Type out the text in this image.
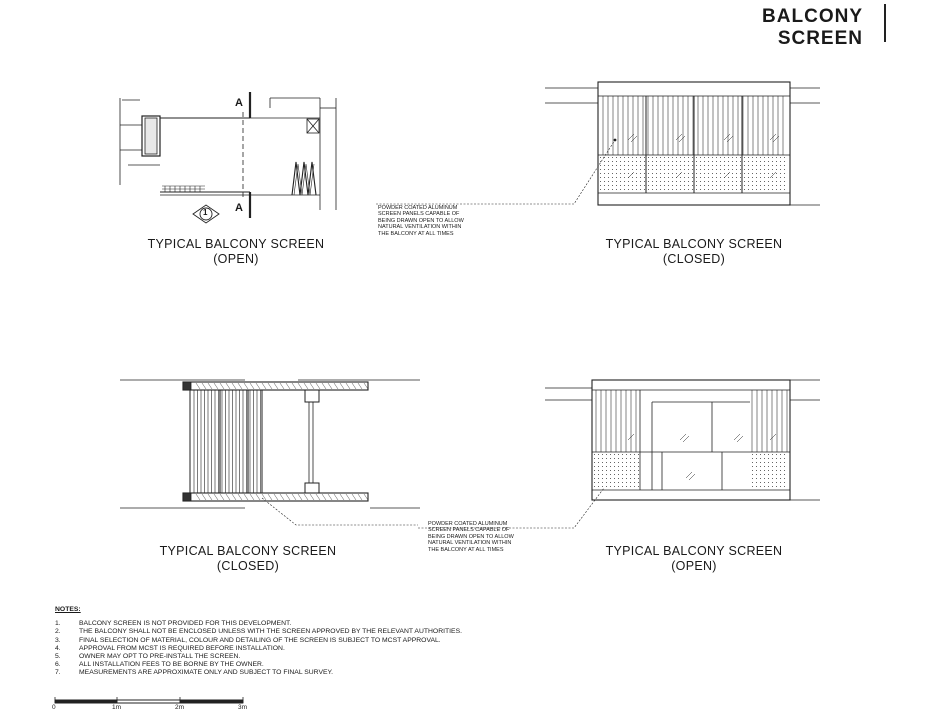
BALCONY
SCREEN
A
A
1	POWDER COATED ALUMINUM
SCREEN PANELS CAPABLE OF
BEING DRAWN OPEN TO ALLOW
NATURAL VENTILATION WITHIN
THE BALCONY AT ALL TIMES
POWDER COATED ALUMINUM
SCREEN PANELS CAPABLE OF
BEING DRAWN OPEN TO ALLOW
NATURAL VENTILATION WITHIN
THE BALCONY AT ALL TIMES
TYPICAL BALCONY SCREEN
(OPEN)
TYPICAL BALCONY SCREEN
(CLOSED)
TYPICAL BALCONY SCREEN
(CLOSED)
TYPICAL BALCONY SCREEN
(OPEN)
NOTES:
1.	BALCONY SCREEN IS NOT PROVIDED FOR THIS DEVELOPMENT.
2.	THE BALCONY SHALL NOT BE ENCLOSED UNLESS WITH THE SCREEN APPROVED BY THE RELEVANT AUTHORITIES.
3.	FINAL SELECTION OF MATERIAL, COLOUR AND DETAILING OF THE SCREEN IS SUBJECT TO MCST APPROVAL.
4.	APPROVAL FROM MCST IS REQUIRED BEFORE INSTALLATION.
5.	OWNER MAY OPT TO PRE-INSTALL THE SCREEN.
6.	ALL INSTALLATION FEES TO BE BORNE BY THE OWNER.
7.	MEASUREMENTS ARE APPROXIMATE ONLY AND SUBJECT TO FINAL SURVEY.
0	1m	2m	3m
